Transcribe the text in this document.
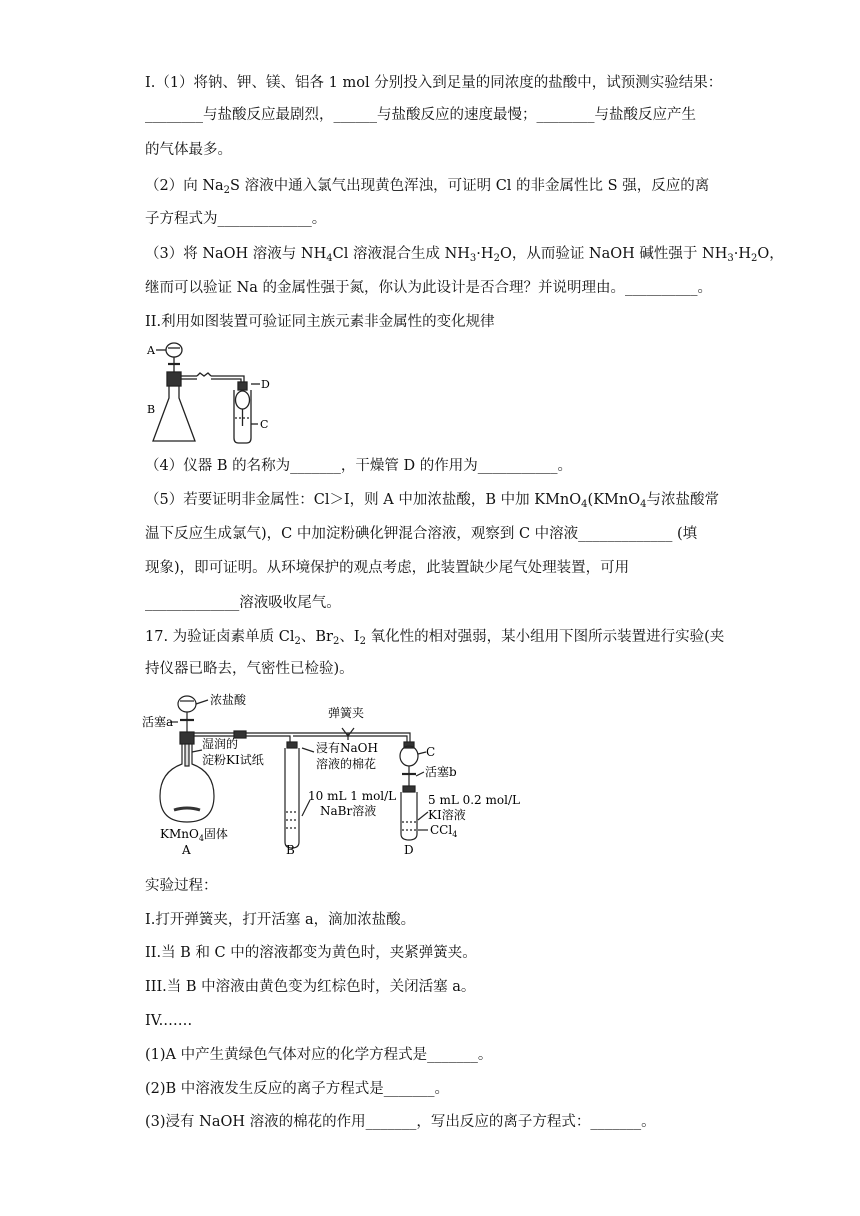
I.（1）将钠、钾、镁、铝各 1 mol 分别投入到足量的同浓度的盐酸中，试预测实验结果：
________与盐酸反应最剧烈，______与盐酸反应的速度最慢；________与盐酸反应产生
的气体最多。
（2）向 $Na_2S$ 溶液中通入氯气出现黄色浑浊，可证明 Cl 的非金属性比 S 强，反应的离
子方程式为_____________。
（3）将 NaOH 溶液与 $NH_4Cl$ 溶液混合生成 $NH_3\cdot H_2O$，从而验证 NaOH 碱性强于 $NH_3\cdot H_2O$，
继而可以验证 Na 的金属性强于氮，你认为此设计是否合理？并说明理由。__________。
II.利用如图装置可验证同主族元素非金属性的变化规律
A
B
D
C
（4）仪器 B 的名称为_______，干燥管 D 的作用为___________。
（5）若要证明非金属性：Cl＞I，则 A 中加浓盐酸，B 中加 KMnO$_4$(KMnO$_4$与浓盐酸常
温下反应生成氯气)，C 中加淀粉碘化钾混合溶液，观察到 C 中溶液_____________ (填
现象)，即可证明。从环境保护的观点考虑，此装置缺少尾气处理装置，可用
_____________溶液吸收尾气。
17. 为验证卤素单质 $Cl_2$、$Br_2$、$I_2$ 氧化性的相对强弱，某小组用下图所示装置进行实验(夹
持仪器已略去，气密性已检验)。
浓盐酸
活塞a
弹簧夹
湿润的
淀粉KI试纸
浸有NaOH
溶液的棉花
C
活塞b
10 mL 1 mol/L
NaBr溶液
5 mL 0.2 mol/L
KI溶液
CCl$_4$
KMnO$_4$固体
A	B	D
实验过程：
I.打开弹簧夹，打开活塞 a，滴加浓盐酸。
II.当 B 和 C 中的溶液都变为黄色时，夹紧弹簧夹。
III.当 B 中溶液由黄色变为红棕色时，关闭活塞 a。
IV.……
(1)A 中产生黄绿色气体对应的化学方程式是_______。
(2)B 中溶液发生反应的离子方程式是_______。
(3)浸有 NaOH 溶液的棉花的作用_______，写出反应的离子方程式：_______。
